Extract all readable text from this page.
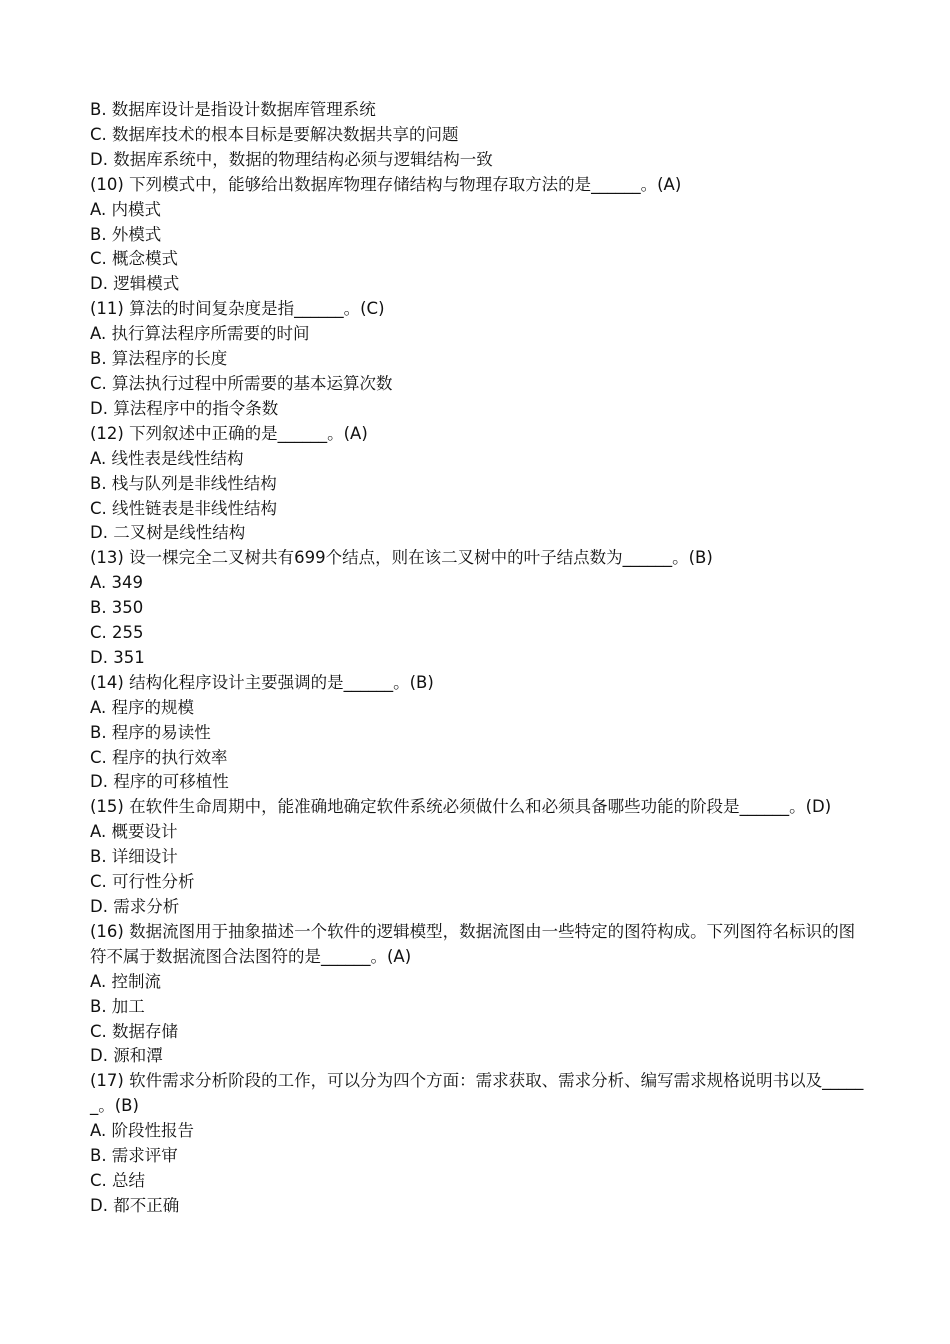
B. 数据库设计是指设计数据库管理系统
C. 数据库技术的根本目标是要解决数据共享的问题
D. 数据库系统中，数据的物理结构必须与逻辑结构一致
(10) 下列模式中，能够给出数据库物理存储结构与物理存取方法的是______。(A)
A. 内模式
B. 外模式
C. 概念模式
D. 逻辑模式
(11) 算法的时间复杂度是指______。(C)
A. 执行算法程序所需要的时间
B. 算法程序的长度
C. 算法执行过程中所需要的基本运算次数
D. 算法程序中的指令条数
(12) 下列叙述中正确的是______。(A)
A. 线性表是线性结构
B. 栈与队列是非线性结构
C. 线性链表是非线性结构
D. 二叉树是线性结构
(13) 设一棵完全二叉树共有699个结点，则在该二叉树中的叶子结点数为______。(B)
A. 349
B. 350
C. 255
D. 351
(14) 结构化程序设计主要强调的是______。(B)
A. 程序的规模
B. 程序的易读性
C. 程序的执行效率
D. 程序的可移植性
(15) 在软件生命周期中，能准确地确定软件系统必须做什么和必须具备哪些功能的阶段是______。(D)
A. 概要设计
B. 详细设计
C. 可行性分析
D. 需求分析
(16) 数据流图用于抽象描述一个软件的逻辑模型，数据流图由一些特定的图符构成。下列图符名标识的图符不属于数据流图合法图符的是______。(A)
A. 控制流
B. 加工
C. 数据存储
D. 源和潭
(17) 软件需求分析阶段的工作，可以分为四个方面：需求获取、需求分析、编写需求规格说明书以及______。(B)
A. 阶段性报告
B. 需求评审
C. 总结
D. 都不正确
